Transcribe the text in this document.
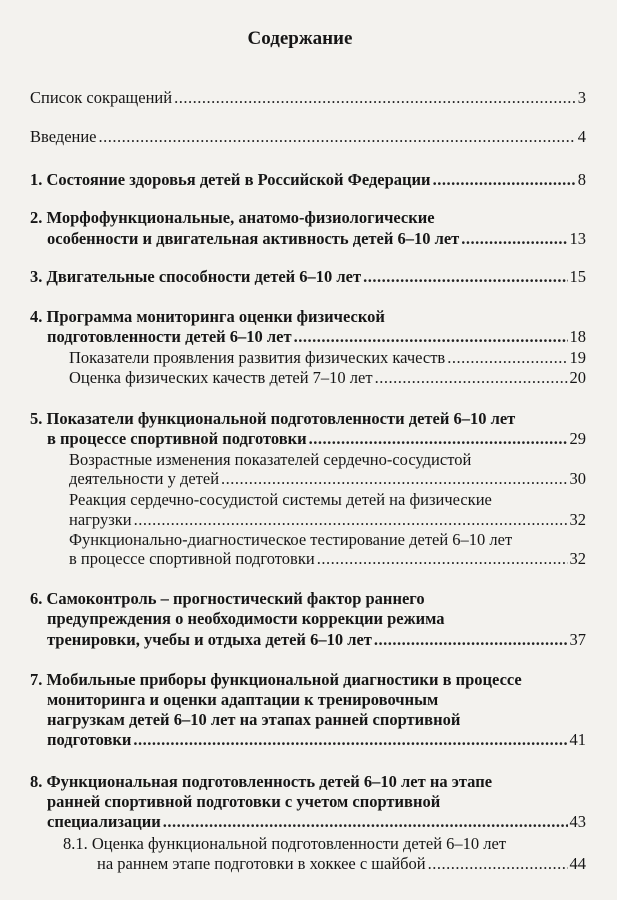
Содержание
Список сокращений .....	3
Введение .....	4
1. Состояние здоровья детей в Российской Федерации .....	8
2. Морфофункциональные, анатомо-физиологические
особенности и двигательная активность детей 6–10 лет .....	13
3. Двигательные способности детей 6–10 лет .....	15
4. Программа мониторинга оценки физической
подготовленности детей 6–10 лет .....	18
Показатели проявления развития физических качеств .....	19
Оценка физических качеств детей 7–10 лет .....	20
5. Показатели функциональной подготовленности детей 6–10 лет
в процессе спортивной подготовки .....	29
Возрастные изменения показателей сердечно-сосудистой
деятельности у детей .....	30
Реакция сердечно-сосудистой системы детей на физические
нагрузки .....	32
Функционально-диагностическое тестирование детей 6–10 лет
в процессе спортивной подготовки .....	32
6. Самоконтроль – прогностический фактор раннего
предупреждения о необходимости коррекции режима
тренировки, учебы и отдыха детей 6–10 лет .....	37
7. Мобильные приборы функциональной диагностики в процессе
мониторинга и оценки адаптации к тренировочным
нагрузкам детей 6–10 лет на этапах ранней спортивной
подготовки .....	41
8. Функциональная подготовленность детей 6–10 лет на этапе
ранней спортивной подготовки с учетом спортивной
специализации .....	43
8.1. Оценка функциональной подготовленности детей 6–10 лет
на раннем этапе подготовки в хоккее с шайбой .....	44
